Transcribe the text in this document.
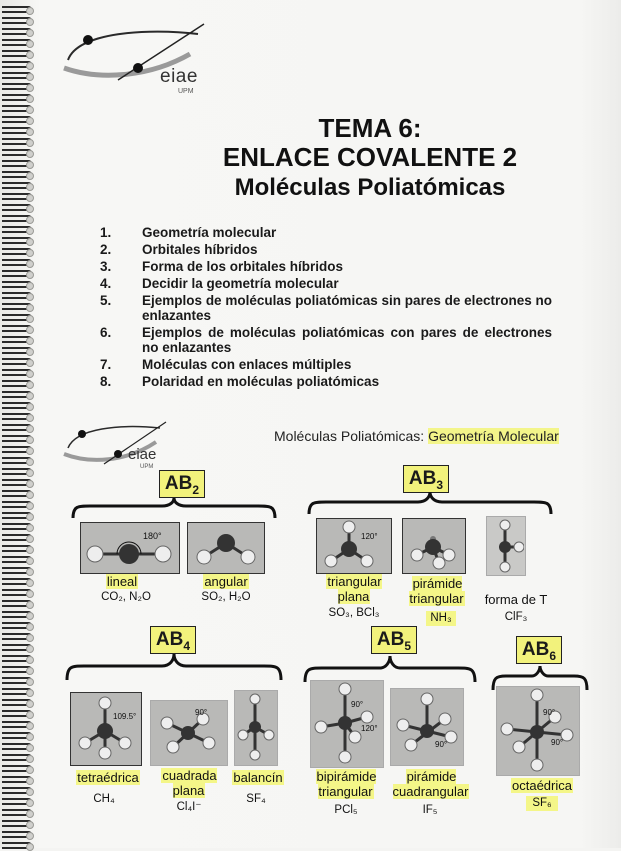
eiae
UPM
TEMA 6:
ENLACE COVALENTE 2
Moléculas Poliatómicas
1.	Geometría molecular
2.	Orbitales híbridos
3.	Forma de los orbitales híbridos
4.	Decidir la geometría molecular
5.	Ejemplos de moléculas poliatómicas sin pares de electrones no enlazantes
6.	Ejemplos de moléculas poliatómicas con pares de electrones no enlazantes
7.	Moléculas con enlaces múltiples
8.	Polaridad en moléculas poliatómicas
eiae
UPM
Moléculas Poliatómicas: Geometría Molecular
$AB_2$
$AB_3$
$AB_4$	$AB_5$	$AB_6$
180°	120°
lineal
CO₂, N₂O
angular
SO₂, H₂O
triangular plana
SO₃, BCl₃
pirámide triangular
NH₃
forma de T
ClF₃
109.5°	90°
90°
120°
90°
90°
90°
tetraédrica
CH₄
cuadrada plana
Cl₄I⁻
balancín
SF₄
bipirámide triangular
PCl₅
pirámide cuadrangular
IF₅
octaédrica
SF₆
